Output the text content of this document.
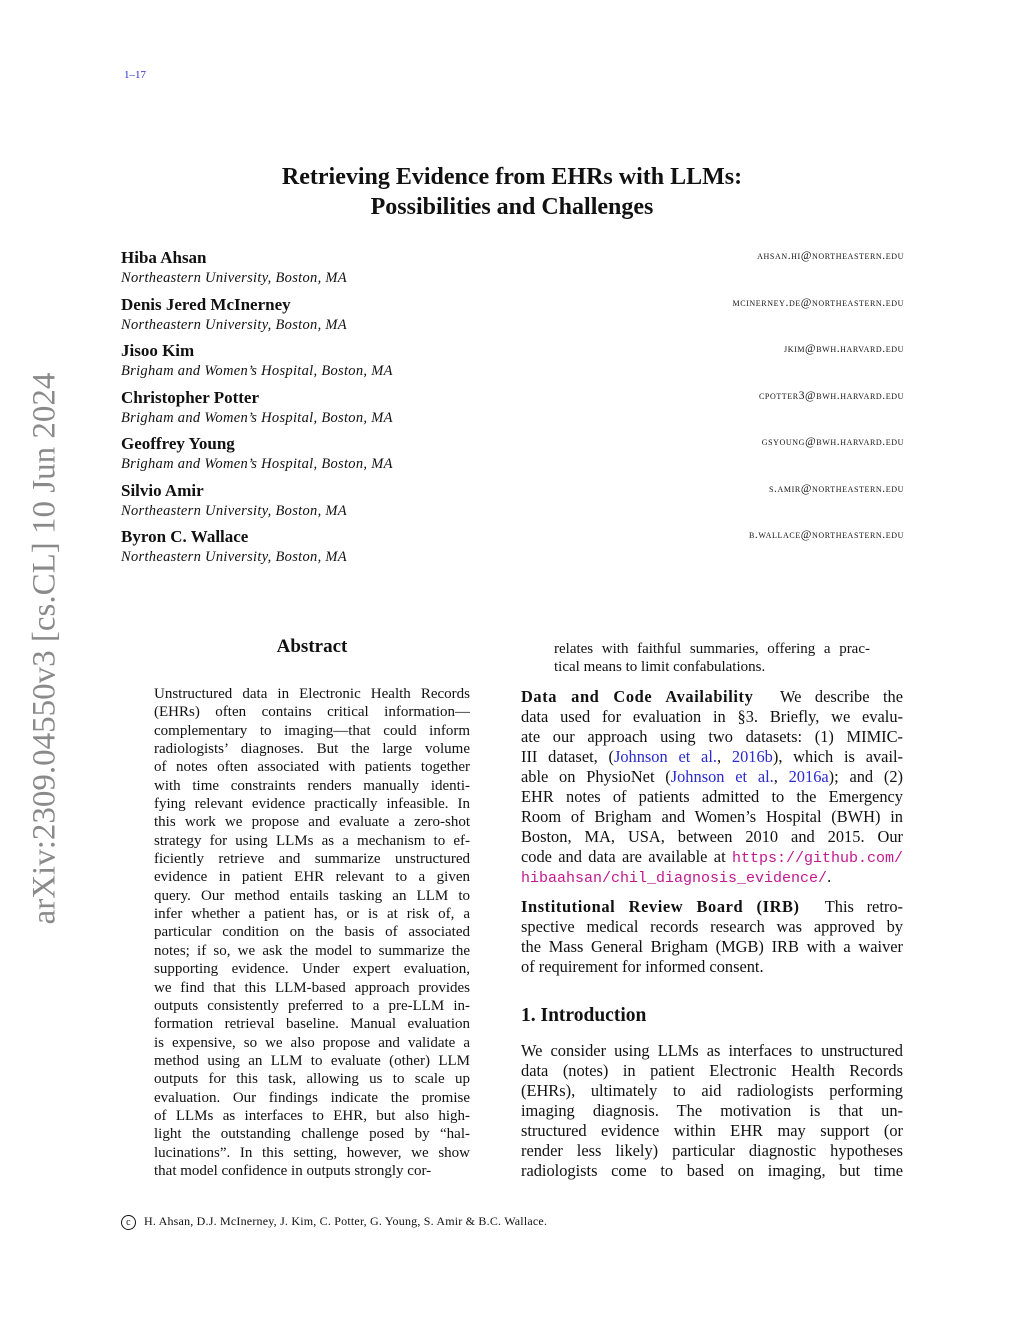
1–17
Retrieving Evidence from EHRs with LLMs:
Possibilities and Challenges
Hiba Ahsan
Northeastern University, Boston, MA
ahsan.hi@northeastern.edu
Denis Jered McInerney
Northeastern University, Boston, MA
mcinerney.de@northeastern.edu
Jisoo Kim
Brigham and Women’s Hospital, Boston, MA
jkim@bwh.harvard.edu
Christopher Potter
Brigham and Women’s Hospital, Boston, MA
cpotter3@bwh.harvard.edu
Geoffrey Young
Brigham and Women’s Hospital, Boston, MA
gsyoung@bwh.harvard.edu
Silvio Amir
Northeastern University, Boston, MA
s.amir@northeastern.edu
Byron C. Wallace
Northeastern University, Boston, MA
b.wallace@northeastern.edu
arXiv:2309.04550v3 [cs.CL] 10 Jun 2024	Abstract
Unstructured data in Electronic Health Records
(EHRs) often contains critical information—
complementary to imaging—that could inform
radiologists’ diagnoses. But the large volume
of notes often associated with patients together
with time constraints renders manually identi-
fying relevant evidence practically infeasible. In
this work we propose and evaluate a zero-shot
strategy for using LLMs as a mechanism to ef-
ficiently retrieve and summarize unstructured
evidence in patient EHR relevant to a given
query. Our method entails tasking an LLM to
infer whether a patient has, or is at risk of, a
particular condition on the basis of associated
notes; if so, we ask the model to summarize the
supporting evidence. Under expert evaluation,
we find that this LLM-based approach provides
outputs consistently preferred to a pre-LLM in-
formation retrieval baseline. Manual evaluation
is expensive, so we also propose and validate a
method using an LLM to evaluate (other) LLM
outputs for this task, allowing us to scale up
evaluation. Our findings indicate the promise
of LLMs as interfaces to EHR, but also high-
light the outstanding challenge posed by “hal-
lucinations”. In this setting, however, we show
that model confidence in outputs strongly cor-
relates with faithful summaries, offering a prac-
tical means to limit confabulations.
Data and Code Availability  We describe the
data used for evaluation in §3. Briefly, we evalu-
ate our approach using two datasets: (1) MIMIC-
III dataset, (Johnson et al., 2016b), which is avail-
able on PhysioNet (Johnson et al., 2016a); and (2)
EHR notes of patients admitted to the Emergency
Room of Brigham and Women’s Hospital (BWH) in
Boston, MA, USA, between 2010 and 2015. Our
code and data are available at https://github.com/
hibaahsan/chil_diagnosis_evidence/.
Institutional Review Board (IRB)  This retro-
spective medical records research was approved by
the Mass General Brigham (MGB) IRB with a waiver
of requirement for informed consent.
1. Introduction
We consider using LLMs as interfaces to unstructured
data (notes) in patient Electronic Health Records
(EHRs), ultimately to aid radiologists performing
imaging diagnosis. The motivation is that un-
structured evidence within EHR may support (or
render less likely) particular diagnostic hypotheses
radiologists come to based on imaging, but time
c H. Ahsan, D.J. McInerney, J. Kim, C. Potter, G. Young, S. Amir & B.C. Wallace.
